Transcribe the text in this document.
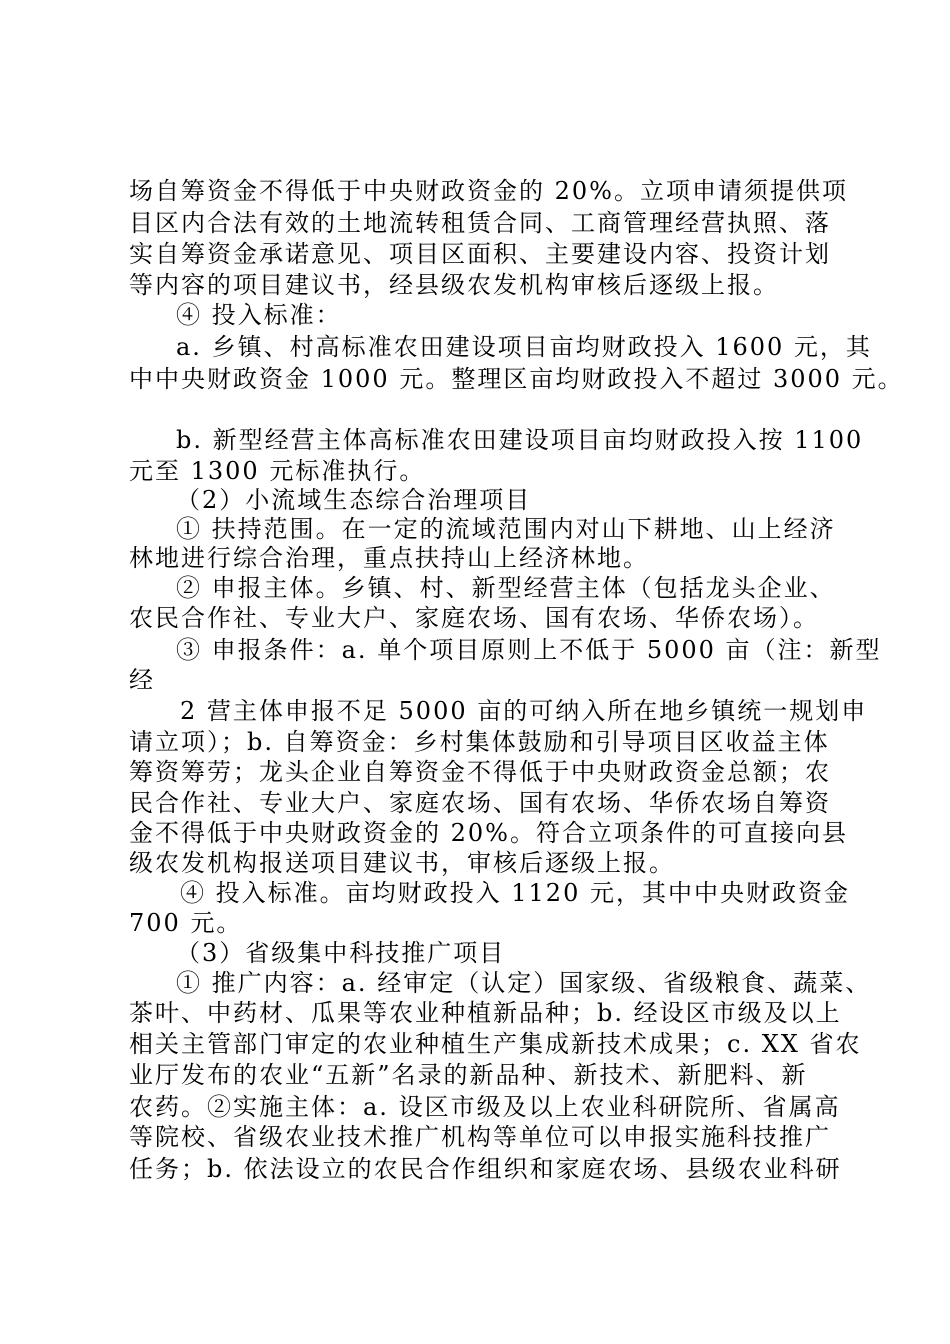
场自筹资金不得低于中央财政资金的 20%。立项申请须提供项
目区内合法有效的土地流转租赁合同、工商管理经营执照、落
实自筹资金承诺意见、项目区面积、主要建设内容、投资计划
等内容的项目建议书，经县级农发机构审核后逐级上报。
④ 投入标准：
a. 乡镇、村高标准农田建设项目亩均财政投入 1600 元，其
中中央财政资金 1000 元。整理区亩均财政投入不超过 3000 元。
b. 新型经营主体高标准农田建设项目亩均财政投入按 1100
元至 1300 元标准执行。
（2）小流域生态综合治理项目
① 扶持范围。在一定的流域范围内对山下耕地、山上经济
林地进行综合治理，重点扶持山上经济林地。
② 申报主体。乡镇、村、新型经营主体（包括龙头企业、
农民合作社、专业大户、家庭农场、国有农场、华侨农场）。
③ 申报条件：a. 单个项目原则上不低于 5000 亩（注：新型
经
2 营主体申报不足 5000 亩的可纳入所在地乡镇统一规划申
请立项）；b. 自筹资金：乡村集体鼓励和引导项目区收益主体
筹资筹劳；龙头企业自筹资金不得低于中央财政资金总额；农
民合作社、专业大户、家庭农场、国有农场、华侨农场自筹资
金不得低于中央财政资金的 20%。符合立项条件的可直接向县
级农发机构报送项目建议书，审核后逐级上报。
④ 投入标准。亩均财政投入 1120 元，其中中央财政资金
700 元。
（3）省级集中科技推广项目
① 推广内容：a. 经审定（认定）国家级、省级粮食、蔬菜、
茶叶、中药材、瓜果等农业种植新品种；b. 经设区市级及以上
相关主管部门审定的农业种植生产集成新技术成果；c. XX 省农
业厅发布的农业“五新”名录的新品种、新技术、新肥料、新
农药。②实施主体：a. 设区市级及以上农业科研院所、省属高
等院校、省级农业技术推广机构等单位可以申报实施科技推广
任务；b. 依法设立的农民合作组织和家庭农场、县级农业科研
